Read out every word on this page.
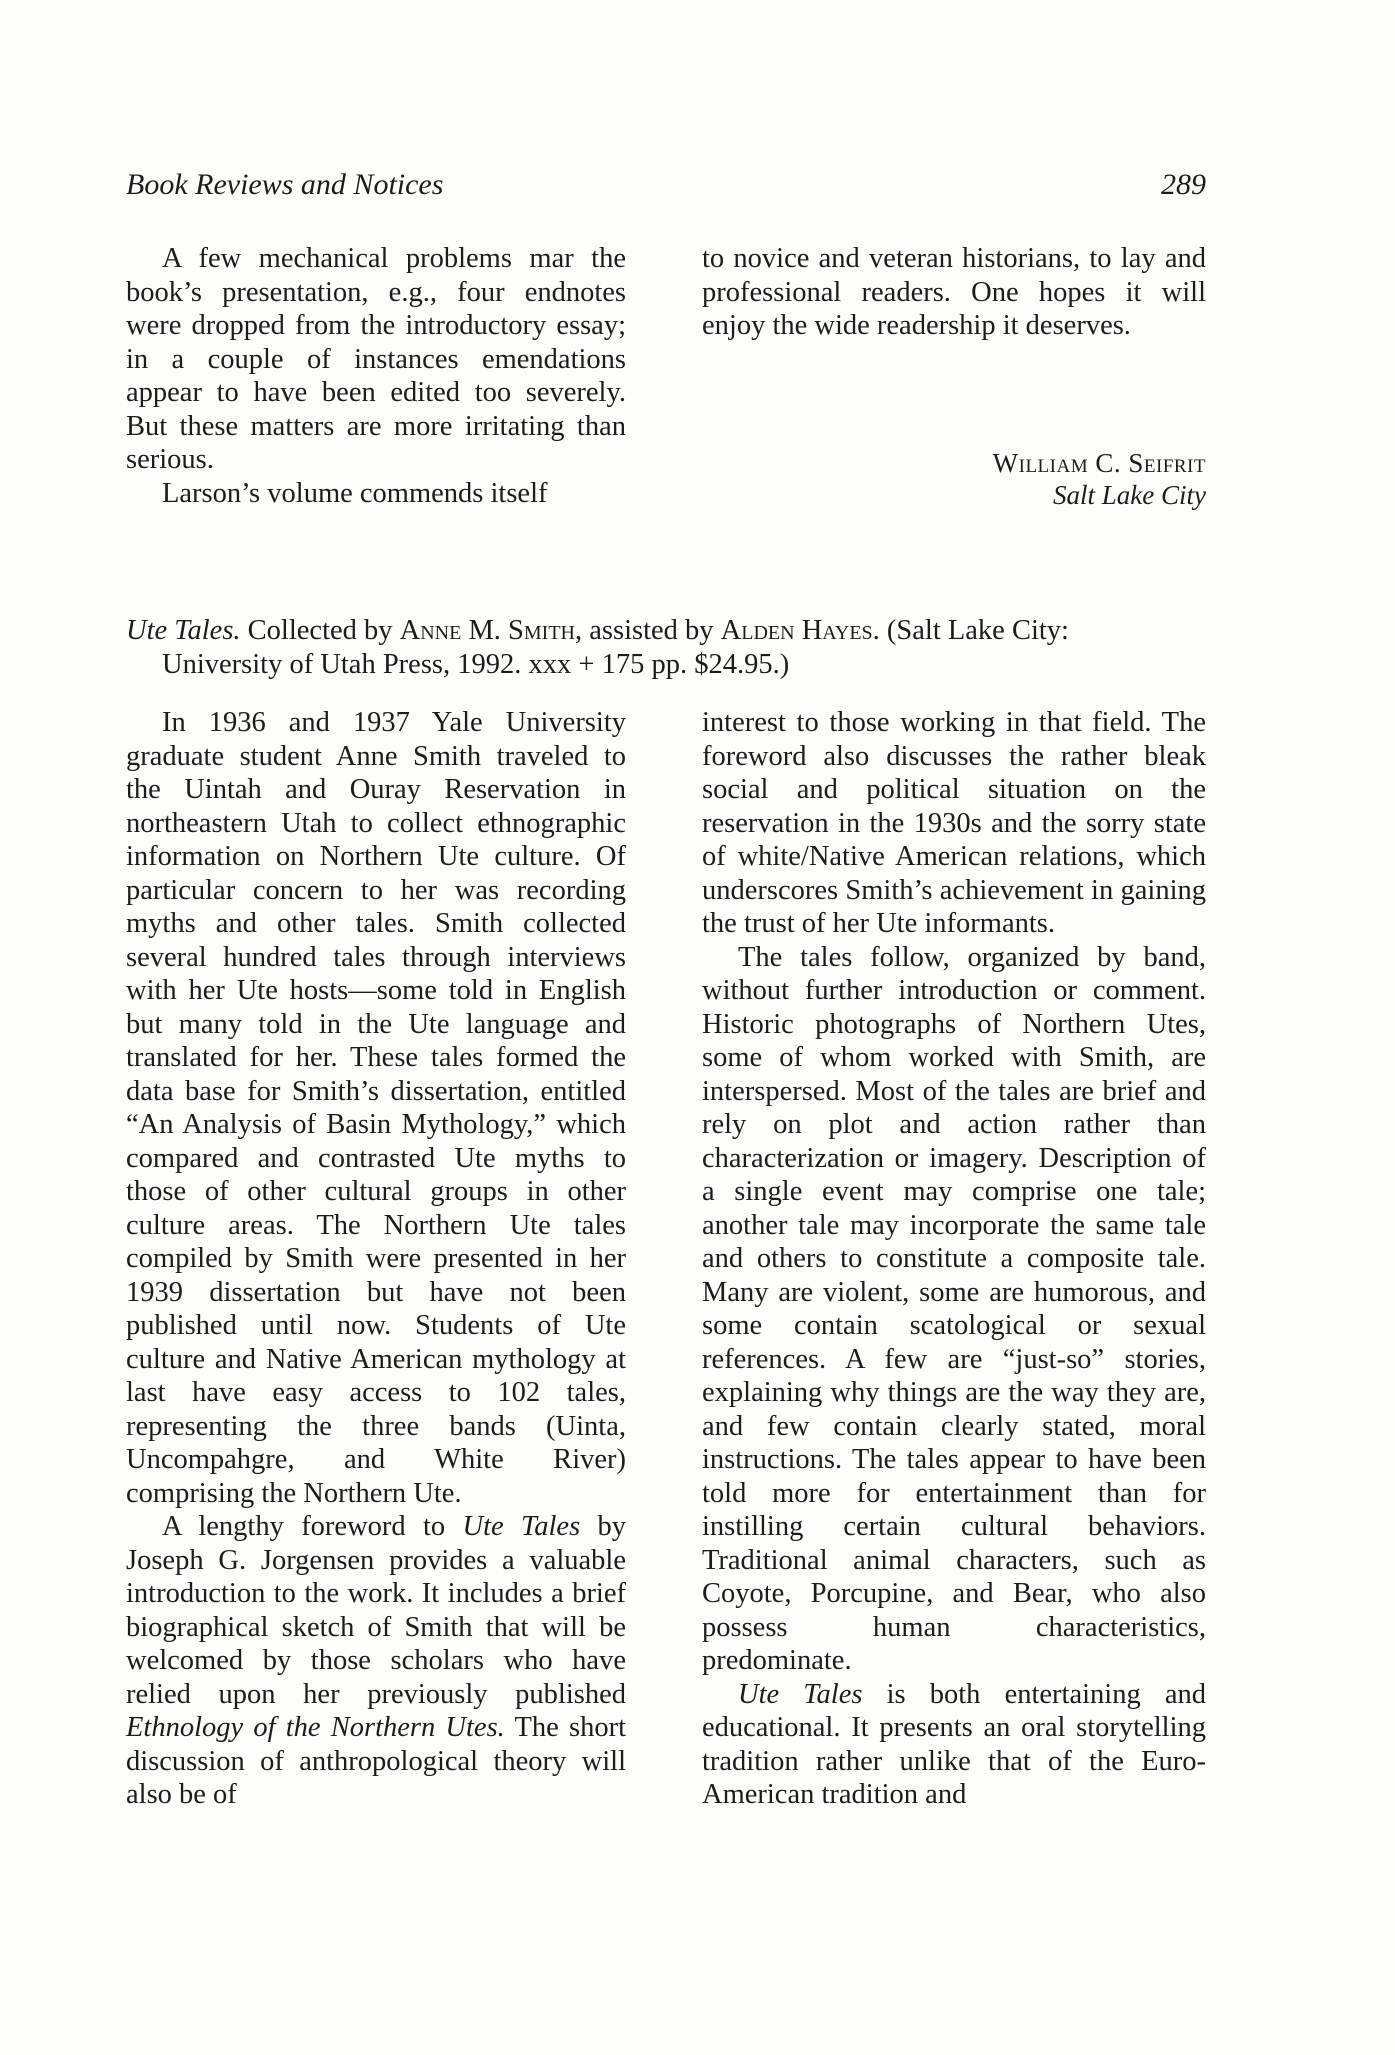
Book Reviews and Notices	289

A few mechanical problems mar the book’s presentation, e.g., four endnotes were dropped from the introductory essay; in a couple of instances emendations appear to have been edited too severely. But these matters are more irritating than serious.

Larson’s volume commends itself

to novice and veteran historians, to lay and professional readers. One hopes it will enjoy the wide readership it deserves.

William C. Seifrit
Salt Lake City
Ute Tales. Collected by Anne M. Smith, assisted by Alden Hayes. (Salt Lake City:
University of Utah Press, 1992. xxx + 175 pp. $24.95.)

In 1936 and 1937 Yale University graduate student Anne Smith traveled to the Uintah and Ouray Reservation in northeastern Utah to collect ethnographic information on Northern Ute culture. Of particular concern to her was recording myths and other tales. Smith collected several hundred tales through interviews with her Ute hosts—some told in English but many told in the Ute language and translated for her. These tales formed the data base for Smith’s dissertation, entitled “An Analysis of Basin Mythology,” which compared and contrasted Ute myths to those of other cultural groups in other culture areas. The Northern Ute tales compiled by Smith were presented in her 1939 dissertation but have not been published until now. Students of Ute culture and Native American mythology at last have easy access to 102 tales, representing the three bands (Uinta, Uncompahgre, and White River) comprising the Northern Ute.

A lengthy foreword to Ute Tales by Joseph G. Jorgensen provides a valuable introduction to the work. It includes a brief biographical sketch of Smith that will be welcomed by those scholars who have relied upon her previously published Ethnology of the Northern Utes. The short discussion of anthropological theory will also be of

interest to those working in that field. The foreword also discusses the rather bleak social and political situation on the reservation in the 1930s and the sorry state of white/Native American relations, which underscores Smith’s achievement in gaining the trust of her Ute informants.

The tales follow, organized by band, without further introduction or comment. Historic photographs of Northern Utes, some of whom worked with Smith, are interspersed. Most of the tales are brief and rely on plot and action rather than characterization or imagery. Description of a single event may comprise one tale; another tale may incorporate the same tale and others to constitute a composite tale. Many are violent, some are humorous, and some contain scatological or sexual references. A few are “just-so” stories, explaining why things are the way they are, and few contain clearly stated, moral instructions. The tales appear to have been told more for entertainment than for instilling certain cultural behaviors. Traditional animal characters, such as Coyote, Porcupine, and Bear, who also possess human characteristics, predominate.

Ute Tales is both entertaining and educational. It presents an oral storytelling tradition rather unlike that of the Euro-American tradition and
